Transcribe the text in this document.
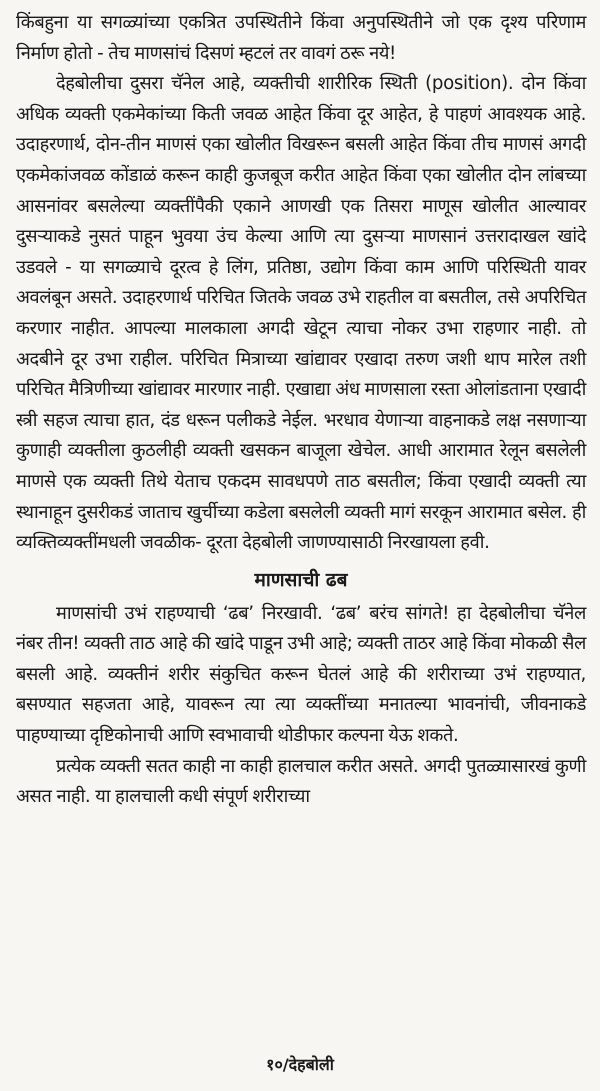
किंबहुना या सगळ्यांच्या एकत्रित उपस्थितीने किंवा अनुपस्थितीने जो एक दृश्य परिणाम निर्माण होतो - तेच माणसांचं दिसणं म्हटलं तर वावगं ठरू नये!

देहबोलीचा दुसरा चॅनेल आहे, व्यक्तीची शारीरिक स्थिती (position). दोन किंवा अधिक व्यक्ती एकमेकांच्या किती जवळ आहेत किंवा दूर आहेत, हे पाहणं आवश्यक आहे. उदाहरणार्थ, दोन-तीन माणसं एका खोलीत विखरून बसली आहेत किंवा तीच माणसं अगदी एकमेकांजवळ कोंडाळं करून काही कुजबूज करीत आहेत किंवा एका खोलीत दोन लांबच्या आसनांवर बसलेल्या व्यक्तींपैकी एकाने आणखी एक तिसरा माणूस खोलीत आल्यावर दुसऱ्याकडे नुसतं पाहून भुवया उंच केल्या आणि त्या दुसऱ्या माणसानं उत्तरादाखल खांदे उडवले - या सगळ्याचे दूरत्व हे लिंग, प्रतिष्ठा, उद्योग किंवा काम आणि परिस्थिती यावर अवलंबून असते. उदाहरणार्थ परिचित जितके जवळ उभे राहतील वा बसतील, तसे अपरिचित करणार नाहीत. आपल्या मालकाला अगदी खेटून त्याचा नोकर उभा राहणार नाही. तो अदबीने दूर उभा राहील. परिचित मित्राच्या खांद्यावर एखादा तरुण जशी थाप मारेल तशी परिचित मैत्रिणीच्या खांद्यावर मारणार नाही. एखाद्या अंध माणसाला रस्ता ओलांडताना एखादी स्त्री सहज त्याचा हात, दंड धरून पलीकडे नेईल. भरधाव येणाऱ्या वाहनाकडे लक्ष नसणाऱ्या कुणाही व्यक्तीला कुठलीही व्यक्ती खसकन बाजूला खेचेल. आधी आरामात रेलून बसलेली माणसे एक व्यक्ती तिथे येताच एकदम सावधपणे ताठ बसतील; किंवा एखादी व्यक्ती त्या स्थानाहून दुसरीकडं जाताच खुर्चीच्या कडेला बसलेली व्यक्ती मागं सरकून आरामात बसेल. ही व्यक्तिव्यक्तींमधली जवळीक- दूरता देहबोली जाणण्यासाठी निरखायला हवी.

माणसाची ढब

माणसांची उभं राहण्याची ‘ढब’ निरखावी. ‘ढब’ बरंच सांगते! हा देहबोलीचा चॅनेल नंबर तीन! व्यक्ती ताठ आहे की खांदे पाडून उभी आहे; व्यक्ती ताठर आहे किंवा मोकळी सैल बसली आहे. व्यक्तीनं शरीर संकुचित करून घेतलं आहे की शरीराच्या उभं राहण्यात, बसण्यात सहजता आहे, यावरून त्या त्या व्यक्तींच्या मनातल्या भावनांची, जीवनाकडे पाहण्याच्या दृष्टिकोनाची आणि स्वभावाची थोडीफार कल्पना येऊ शकते.

प्रत्येक व्यक्ती सतत काही ना काही हालचाल करीत असते. अगदी पुतळ्यासारखं कुणी असत नाही. या हालचाली कधी संपूर्ण शरीराच्या

१०/देहबोली
